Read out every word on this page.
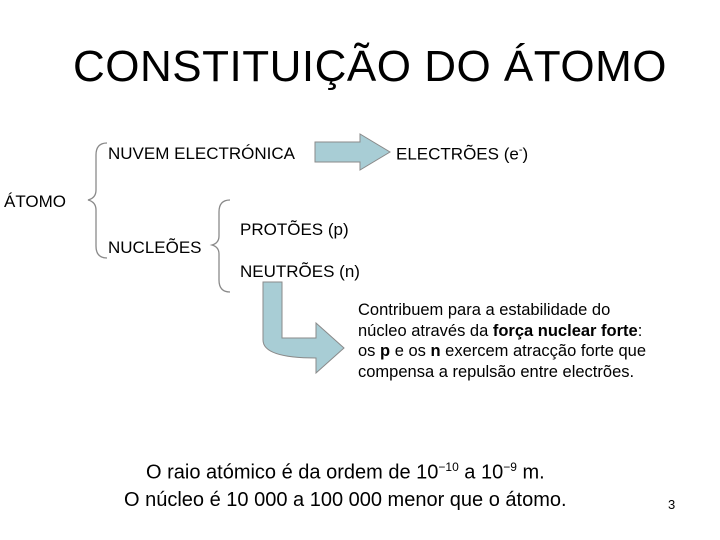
CONSTITUIÇÃO DO ÁTOMO
NUVEM ELECTRÓNICA	ELECTRÕES (e-)
ÁTOMO
NUCLEÕES
PROTÕES (p)
NEUTRÕES (n)
Contribuem para a estabilidade do núcleo através da força nuclear forte: os p e os n exercem atracção forte que compensa a repulsão entre electrões.
O raio atómico é da ordem de $10^{-10}$ a $10^{-9}$ m.
O núcleo é 10 000 a 100 000 menor que o átomo.	3
